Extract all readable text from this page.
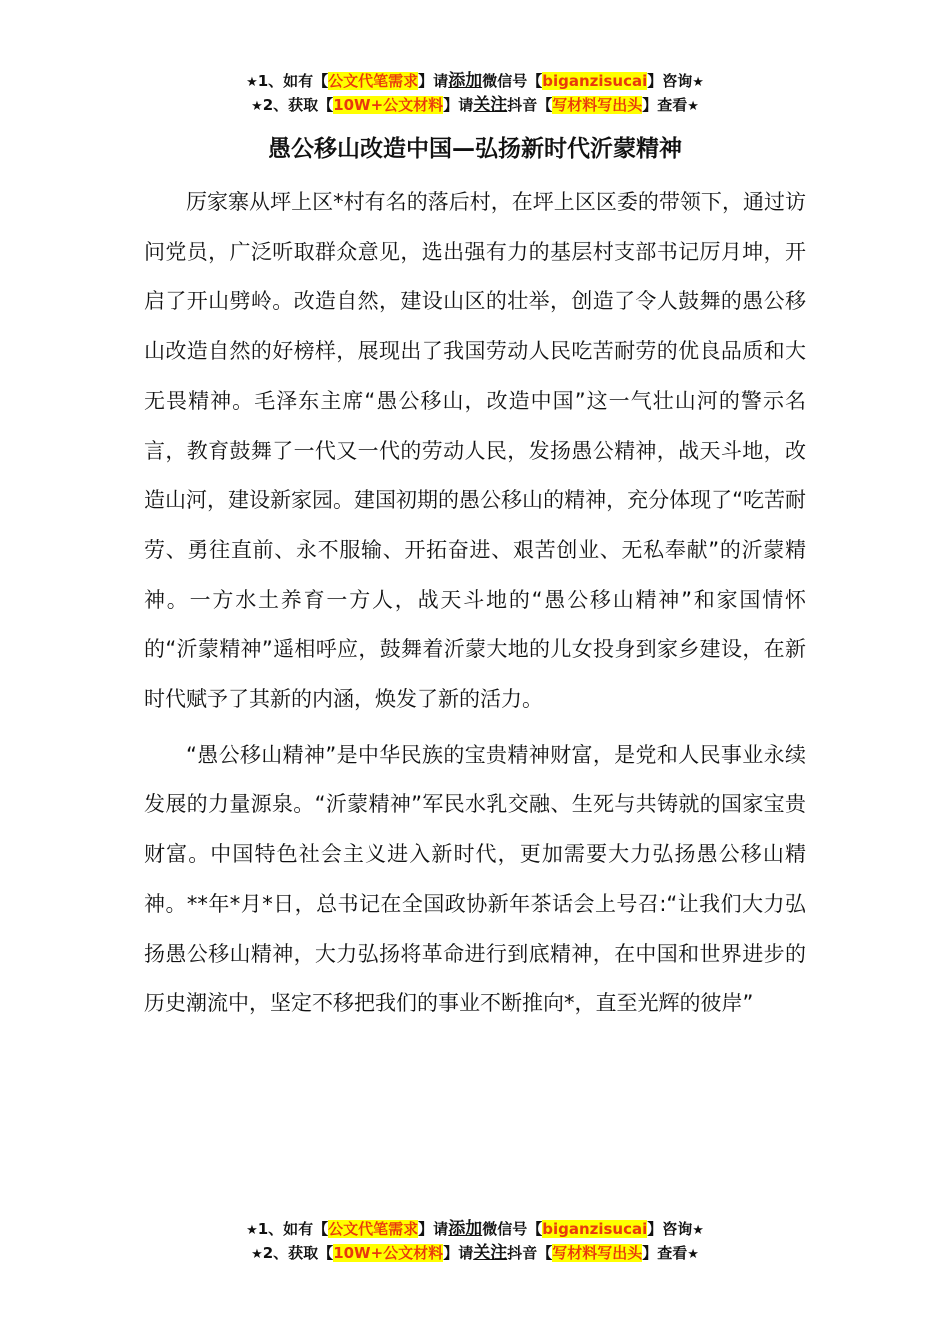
★1、如有【公文代笔需求】请添加微信号【biganzisucai】咨询★
★2、获取【10W+公文材料】请关注抖音【写材料写出头】查看★
愚公移山改造中国—弘扬新时代沂蒙精神

厉家寨从坪上区*村有名的落后村，在坪上区区委的带领下，通过访问党员，广泛听取群众意见，选出强有力的基层村支部书记厉月坤，开启了开山劈岭。改造自然，建设山区的壮举，创造了令人鼓舞的愚公移山改造自然的好榜样，展现出了我国劳动人民吃苦耐劳的优良品质和大无畏精神。毛泽东主席“愚公移山，改造中国”这一气壮山河的警示名言，教育鼓舞了一代又一代的劳动人民，发扬愚公精神，战天斗地，改造山河，建设新家园。建国初期的愚公移山的精神，充分体现了“吃苦耐劳、勇往直前、永不服输、开拓奋进、艰苦创业、无私奉献”的沂蒙精神。一方水土养育一方人，战天斗地的“愚公移山精神”和家国情怀的“沂蒙精神”遥相呼应，鼓舞着沂蒙大地的儿女投身到家乡建设，在新时代赋予了其新的内涵，焕发了新的活力。

“愚公移山精神”是中华民族的宝贵精神财富，是党和人民事业永续发展的力量源泉。“沂蒙精神”军民水乳交融、生死与共铸就的国家宝贵财富。中国特色社会主义进入新时代，更加需要大力弘扬愚公移山精神。**年*月*日，总书记在全国政协新年茶话会上号召:“让我们大力弘扬愚公移山精神，大力弘扬将革命进行到底精神，在中国和世界进步的历史潮流中，坚定不移把我们的事业不断推向*，直至光辉的彼岸”

★1、如有【公文代笔需求】请添加微信号【biganzisucai】咨询★
★2、获取【10W+公文材料】请关注抖音【写材料写出头】查看★
